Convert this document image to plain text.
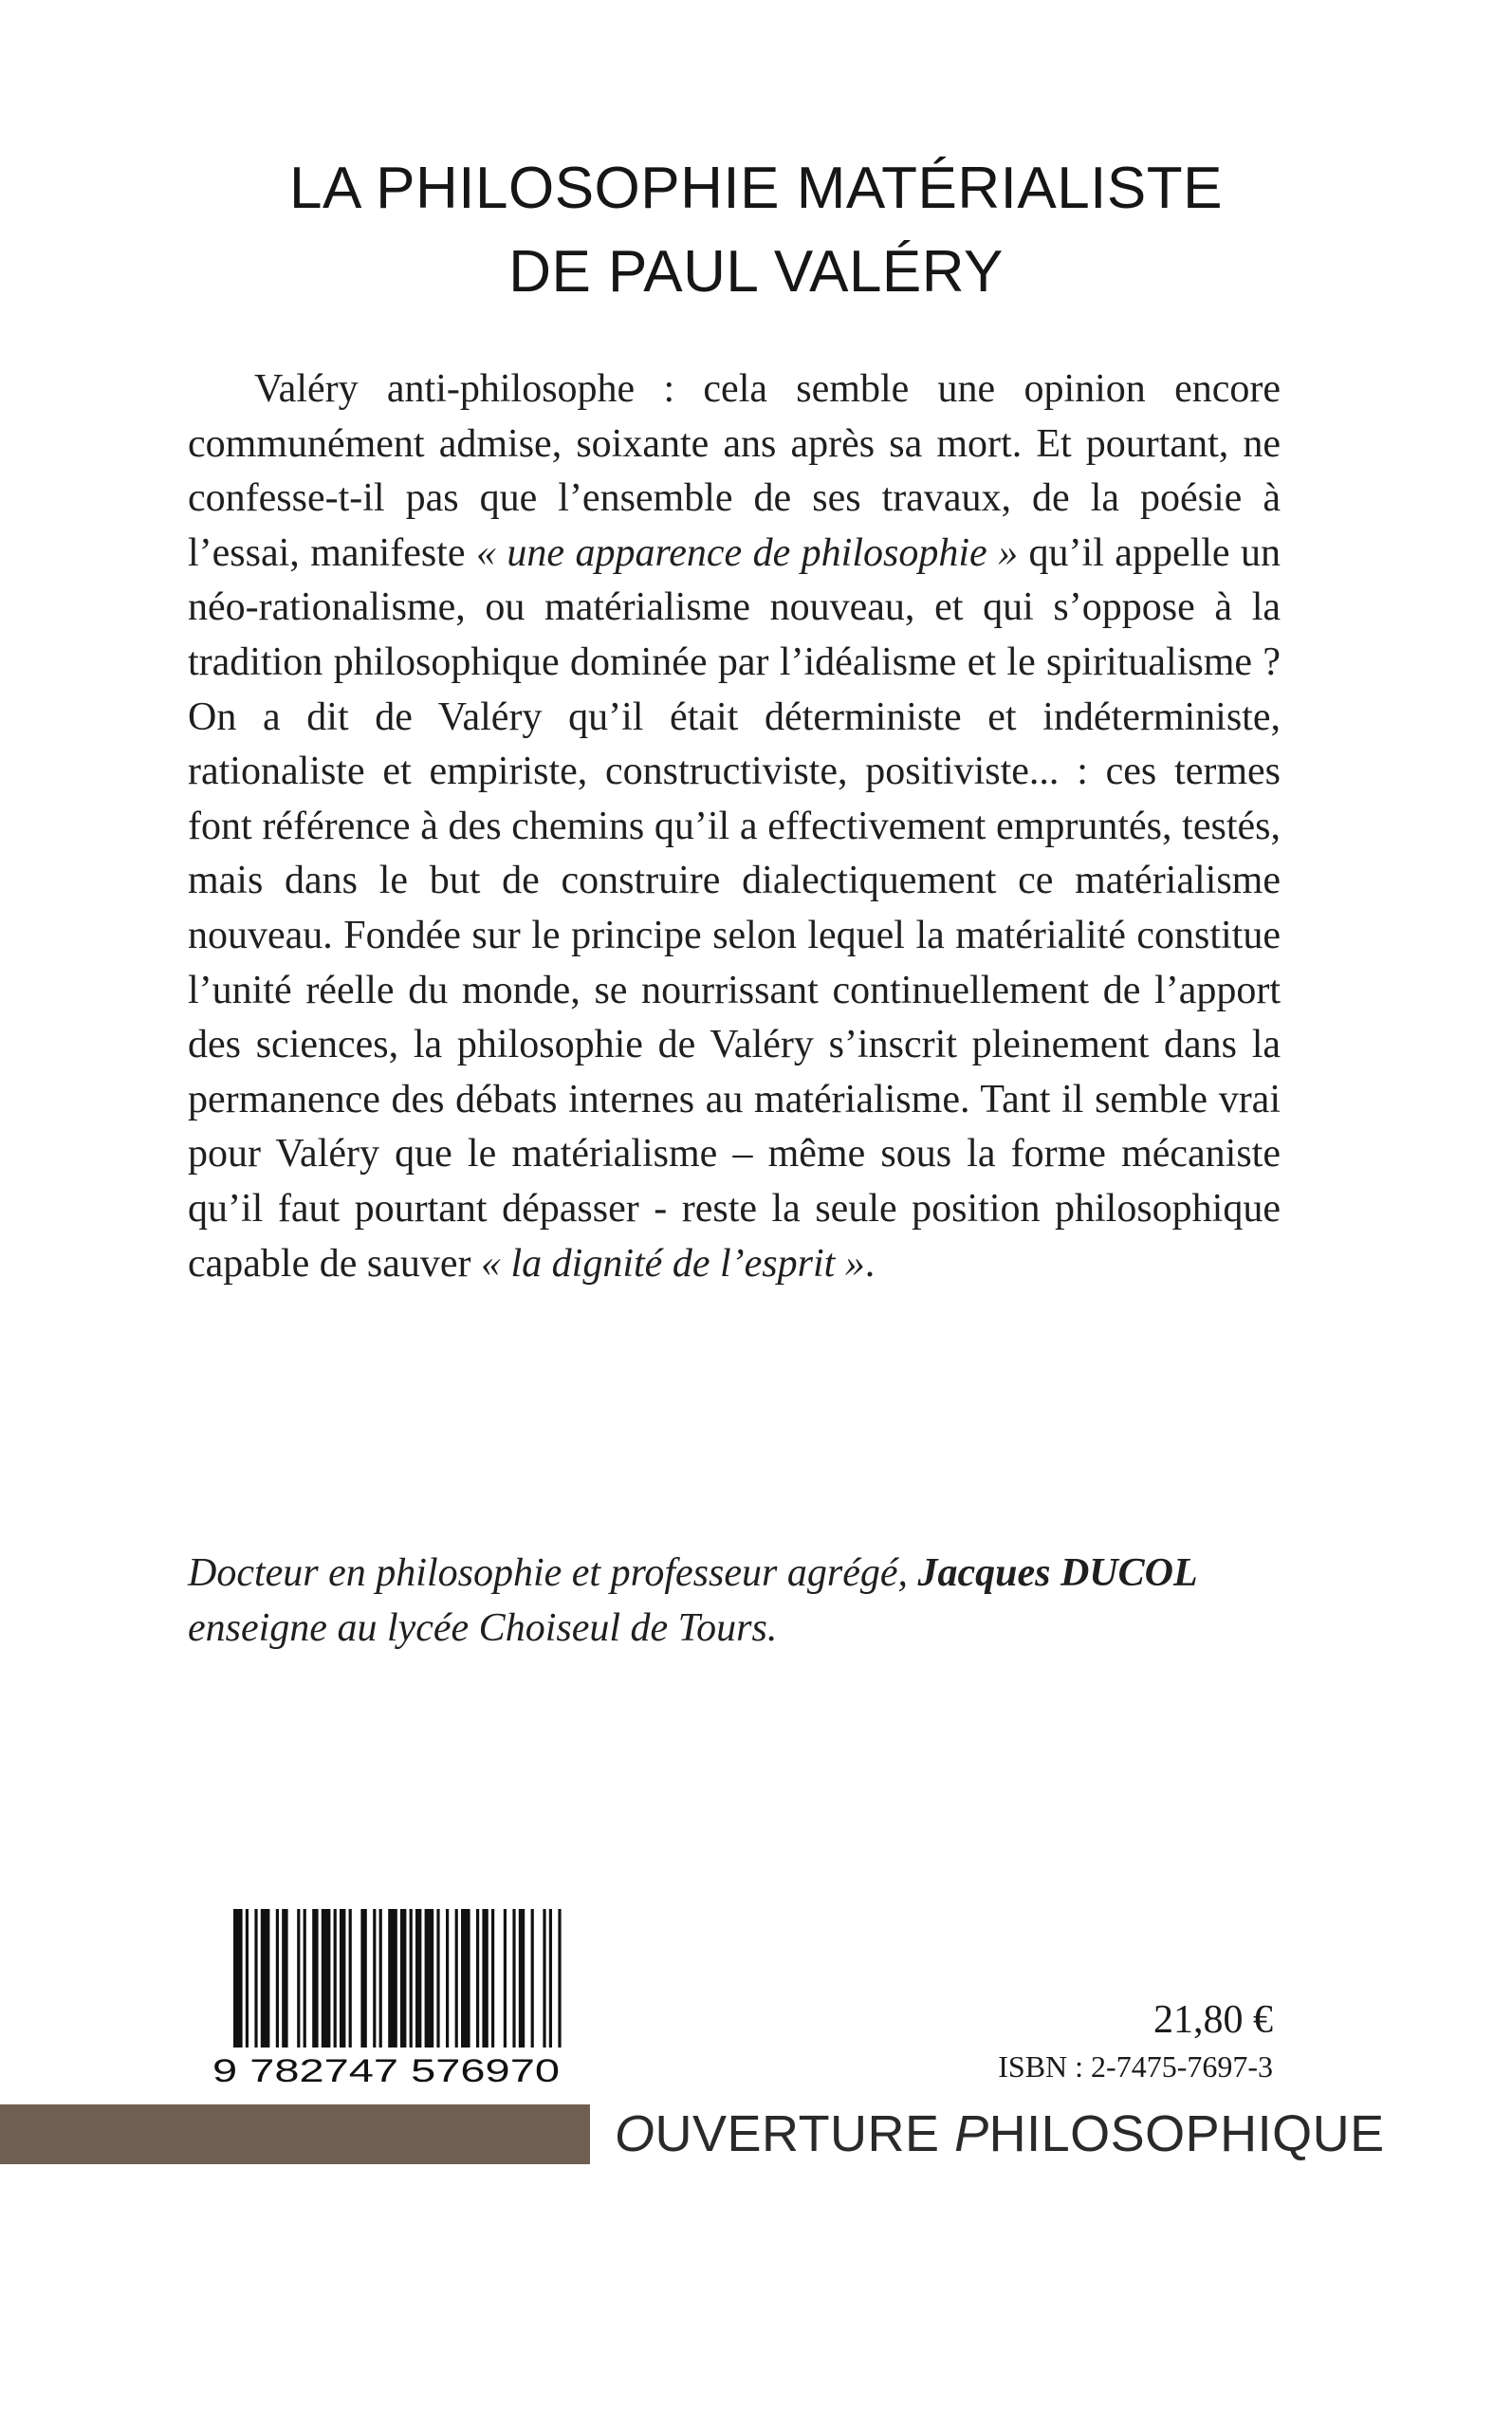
LA PHILOSOPHIE MATÉRIALISTE
DE PAUL VALÉRY

Valéry anti-philosophe : cela semble une opinion encore communément admise, soixante ans après sa mort. Et pourtant, ne confesse-t-il pas que l’ensemble de ses travaux, de la poésie à l’essai, manifeste « une apparence de philosophie » qu’il appelle un néo-rationalisme, ou matérialisme nouveau, et qui s’oppose à la tradition philosophique dominée par l’idéalisme et le spiritualisme ? On a dit de Valéry qu’il était déterministe et indéterministe, rationaliste et empiriste, constructiviste, positiviste... : ces termes font référence à des chemins qu’il a effectivement empruntés, testés, mais dans le but de construire dialectiquement ce matérialisme nouveau. Fondée sur le principe selon lequel la matérialité constitue l’unité réelle du monde, se nourrissant continuellement de l’apport des sciences, la philosophie de Valéry s’inscrit pleinement dans la permanence des débats internes au matérialisme. Tant il semble vrai pour Valéry que le matérialisme – même sous la forme mécaniste qu’il faut pourtant dépasser - reste la seule position philosophique capable de sauver « la dignité de l’esprit ».

Docteur en philosophie et professeur agrégé, Jacques DUCOL

enseigne au lycée Choiseul de Tours.

9 782747 576970
21,80 €
ISBN : 2-7475-7697-3
OUVERTURE PHILOSOPHIQUE
